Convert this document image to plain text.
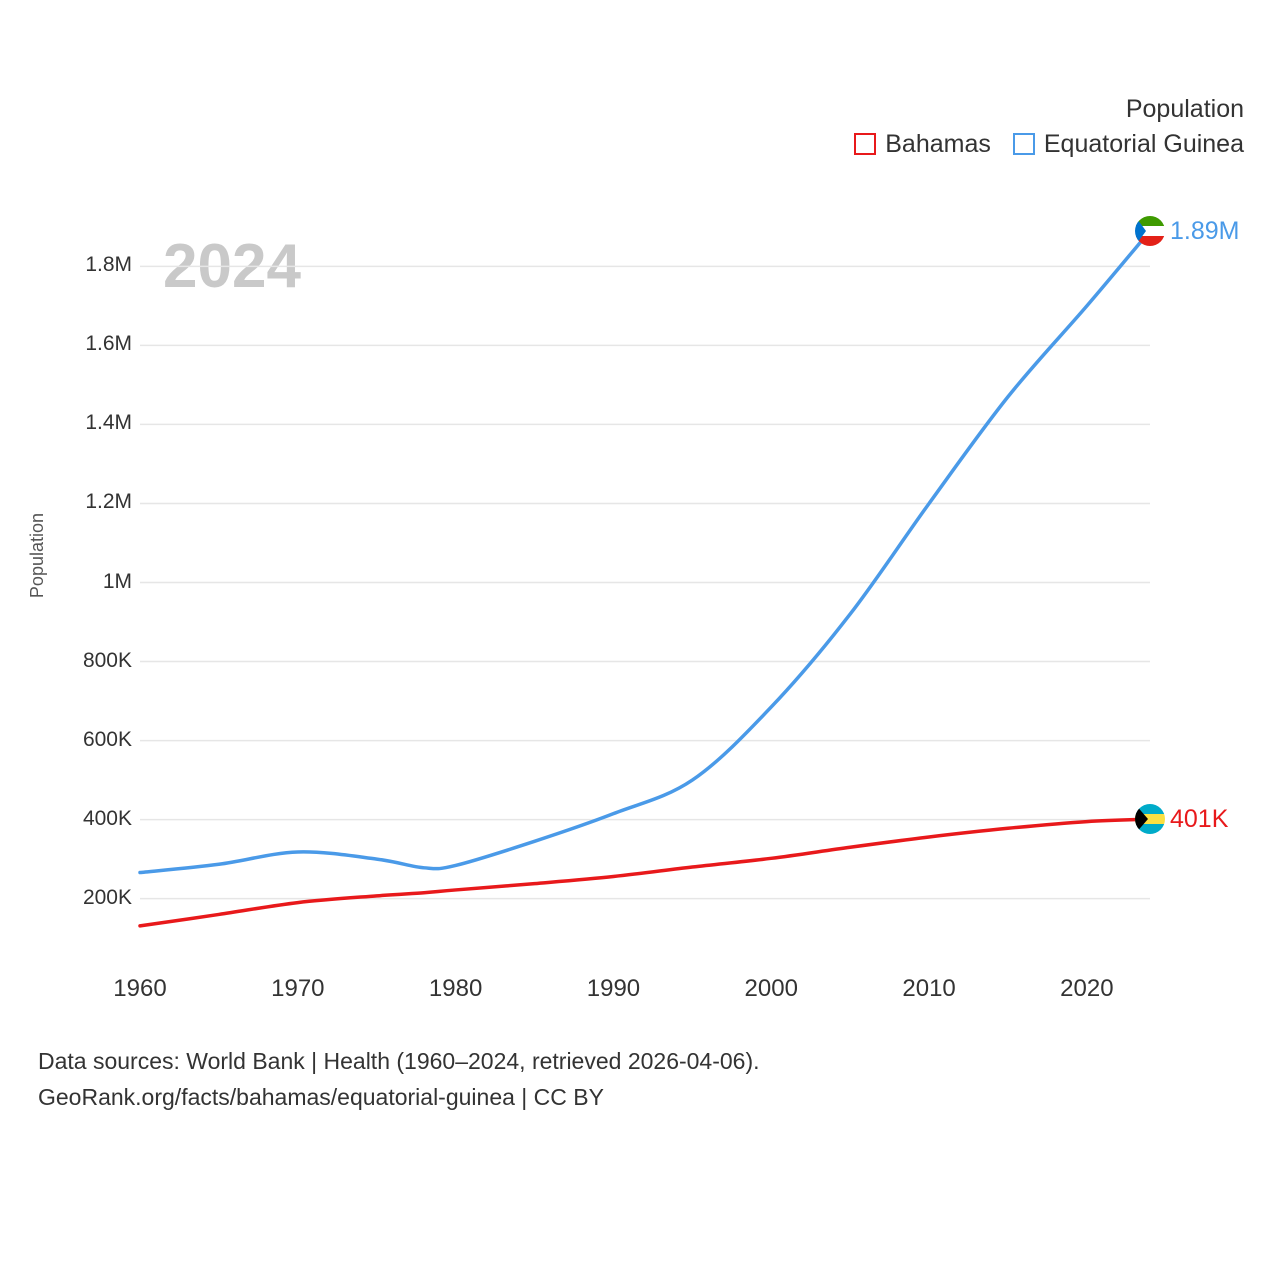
Population
Bahamas Equatorial Guinea
2024
Population
200K
400K
600K
800K
1M
1.2M
1.4M
1.6M
1.8M
1960	1970	1980	1990	2000	2010	2020
1.89M
401K
Data sources: World Bank | Health (1960–2024, retrieved 2026-04-06).
GeoRank.org/facts/bahamas/equatorial-guinea | CC BY
